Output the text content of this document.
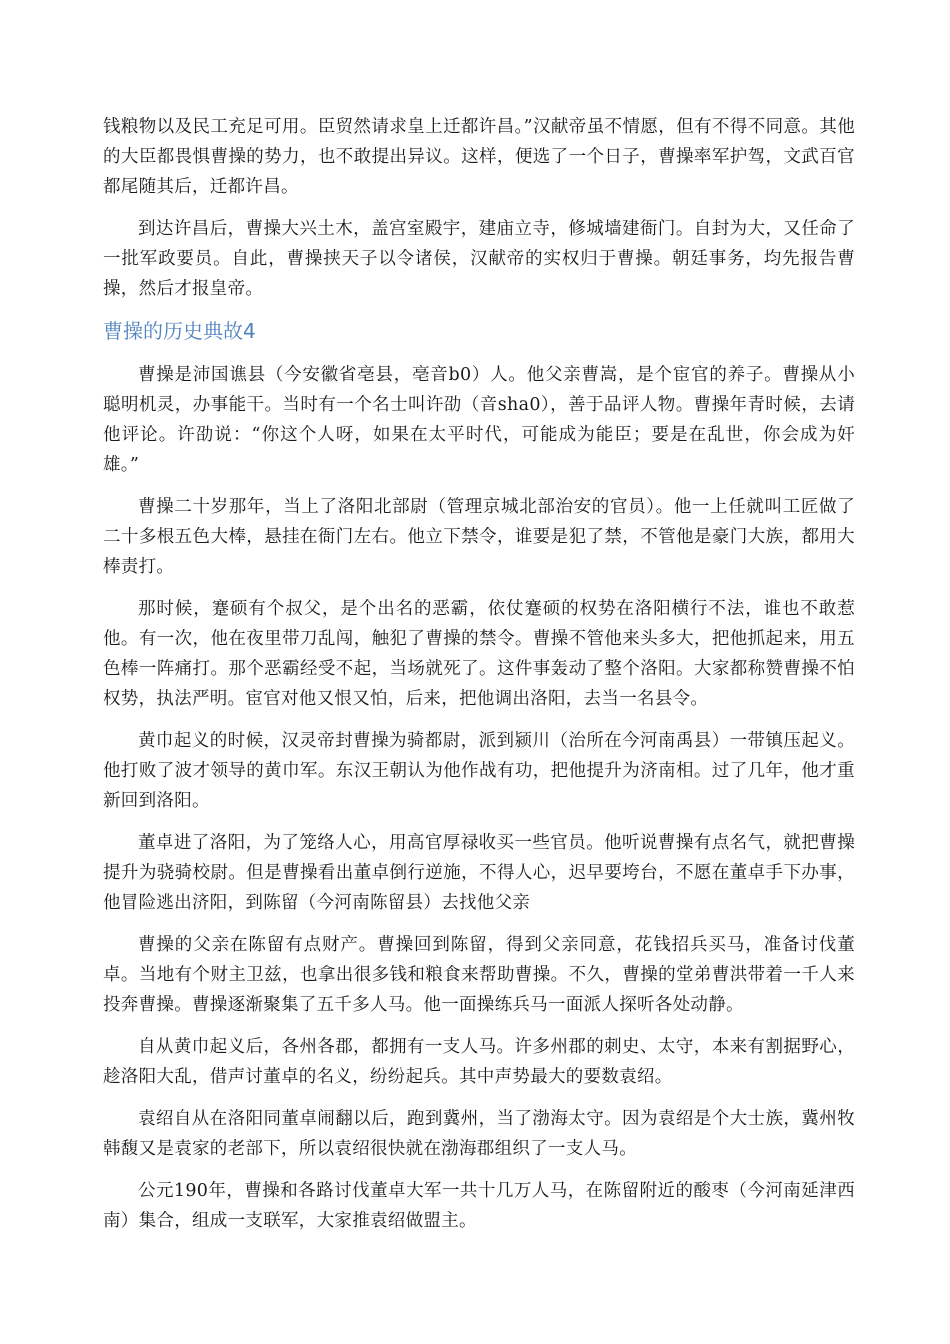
钱粮物以及民工充足可用。臣贸然请求皇上迁都许昌。”汉献帝虽不情愿，但有不得不同意。其他的大臣都畏惧曹操的势力，也不敢提出异议。这样，便选了一个日子，曹操率军护驾，文武百官都尾随其后，迁都许昌。

到达许昌后，曹操大兴土木，盖宫室殿宇，建庙立寺，修城墙建衙门。自封为大，又任命了一批军政要员。自此，曹操挟天子以令诸侯，汉献帝的实权归于曹操。朝廷事务，均先报告曹操，然后才报皇帝。

曹操的历史典故4

曹操是沛国谯县（今安徽省亳县，亳音b0）人。他父亲曹嵩，是个宦官的养子。曹操从小聪明机灵，办事能干。当时有一个名士叫许劭（音sha0），善于品评人物。曹操年青时候，去请他评论。许劭说：“你这个人呀，如果在太平时代，可能成为能臣；要是在乱世，你会成为奸雄。”

曹操二十岁那年，当上了洛阳北部尉（管理京城北部治安的官员）。他一上任就叫工匠做了二十多根五色大棒，悬挂在衙门左右。他立下禁令，谁要是犯了禁，不管他是豪门大族，都用大棒责打。

那时候，蹇硕有个叔父，是个出名的恶霸，依仗蹇硕的权势在洛阳横行不法，谁也不敢惹他。有一次，他在夜里带刀乱闯，触犯了曹操的禁令。曹操不管他来头多大，把他抓起来，用五色棒一阵痛打。那个恶霸经受不起，当场就死了。这件事轰动了整个洛阳。大家都称赞曹操不怕权势，执法严明。宦官对他又恨又怕，后来，把他调出洛阳，去当一名县令。

黄巾起义的时候，汉灵帝封曹操为骑都尉，派到颍川（治所在今河南禹县）一带镇压起义。他打败了波才领导的黄巾军。东汉王朝认为他作战有功，把他提升为济南相。过了几年，他才重新回到洛阳。

董卓进了洛阳，为了笼络人心，用高官厚禄收买一些官员。他听说曹操有点名气，就把曹操提升为骁骑校尉。但是曹操看出董卓倒行逆施，不得人心，迟早要垮台，不愿在董卓手下办事，他冒险逃出济阳，到陈留（今河南陈留县）去找他父亲

曹操的父亲在陈留有点财产。曹操回到陈留，得到父亲同意，花钱招兵买马，准备讨伐董卓。当地有个财主卫兹，也拿出很多钱和粮食来帮助曹操。不久，曹操的堂弟曹洪带着一千人来投奔曹操。曹操逐渐聚集了五千多人马。他一面操练兵马一面派人探听各处动静。

自从黄巾起义后，各州各郡，都拥有一支人马。许多州郡的刺史、太守，本来有割据野心，趁洛阳大乱，借声讨董卓的名义，纷纷起兵。其中声势最大的要数袁绍。

袁绍自从在洛阳同董卓闹翻以后，跑到冀州，当了渤海太守。因为袁绍是个大士族，冀州牧韩馥又是袁家的老部下，所以袁绍很快就在渤海郡组织了一支人马。

公元190年，曹操和各路讨伐董卓大军一共十几万人马，在陈留附近的酸枣（今河南延津西南）集合，组成一支联军，大家推袁绍做盟主。
